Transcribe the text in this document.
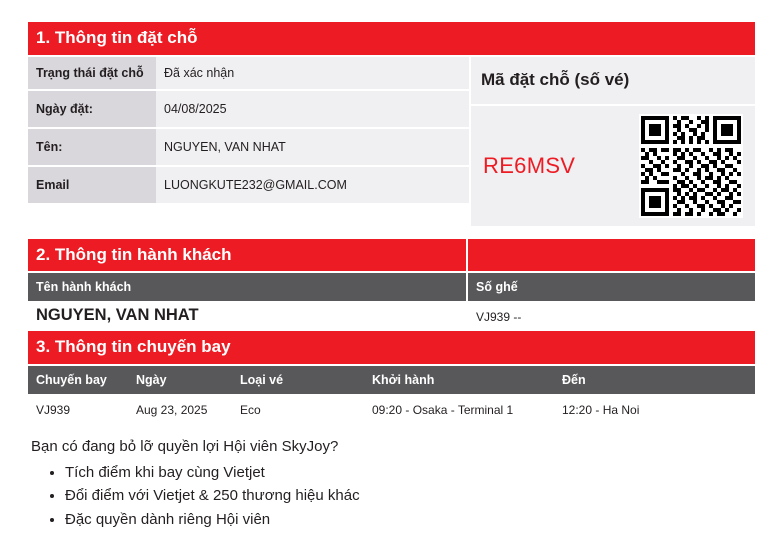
1. Thông tin đặt chỗ
Trạng thái đặt chỗ	Đã xác nhận
Ngày đặt:	04/08/2025
Tên:	NGUYEN, VAN NHAT
Email	LUONGKUTE232@GMAIL.COM
Mã đặt chỗ (số vé)
RE6MSV
2. Thông tin hành khách
Tên hành khách	Số ghế
NGUYEN, VAN NHAT	VJ939 --
3. Thông tin chuyến bay
Chuyến bay	Ngày	Loại vé	Khởi hành	Đến
VJ939	Aug 23, 2025	Eco	09:20 - Osaka - Terminal 1	12:20 - Ha Noi
Bạn có đang bỏ lỡ quyền lợi Hội viên SkyJoy?
• Tích điểm khi bay cùng Vietjet
• Đổi điểm với Vietjet & 250 thương hiệu khác
• Đặc quyền dành riêng Hội viên
